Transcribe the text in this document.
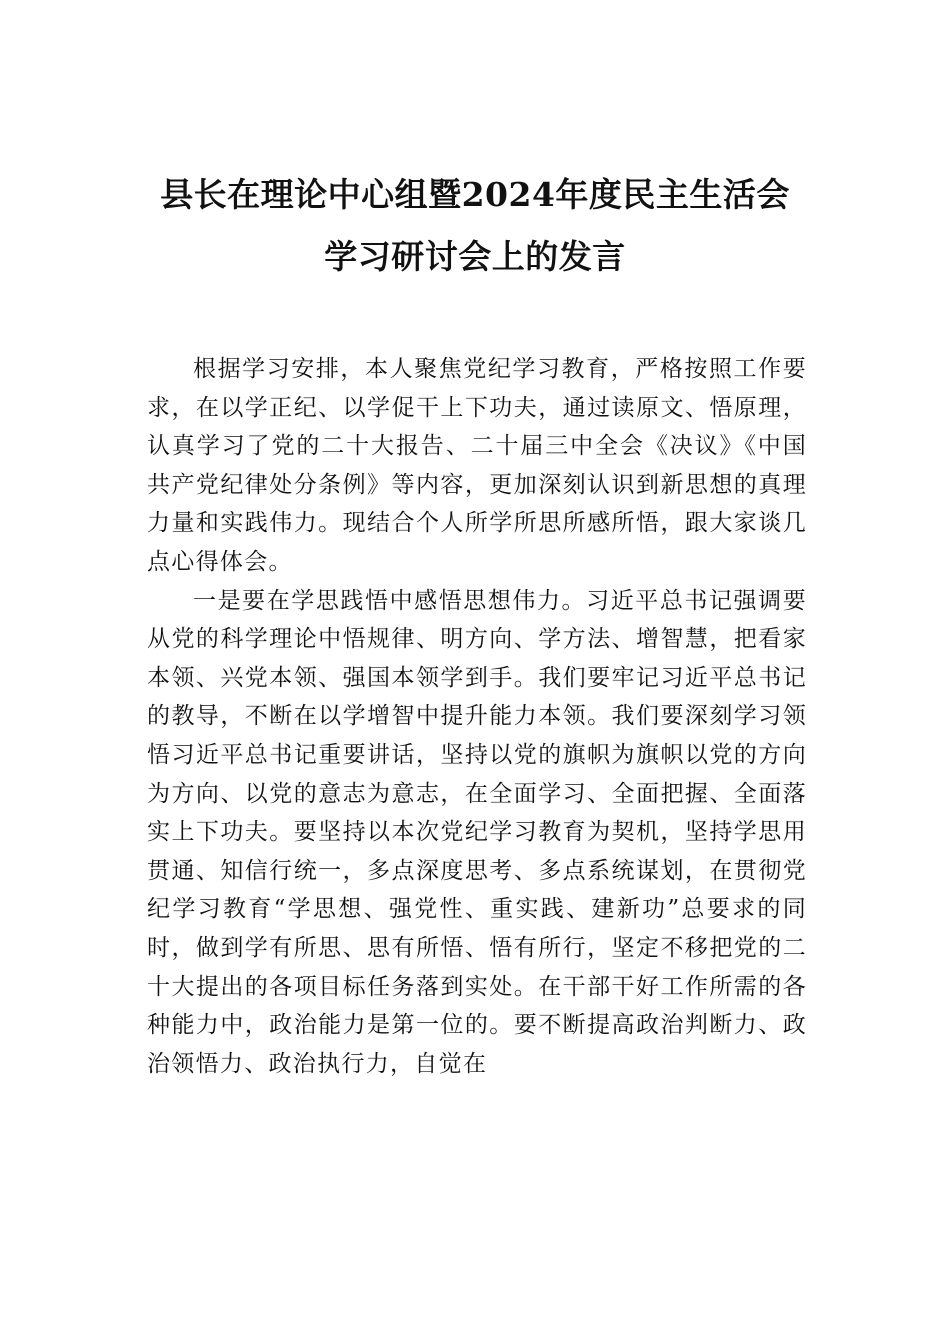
县长在理论中心组暨2024年度民主生活会
学习研讨会上的发言

根据学习安排，本人聚焦党纪学习教育，严格按照工作要求，在以学正纪、以学促干上下功夫，通过读原文、悟原理，认真学习了党的二十大报告、二十届三中全会《决议》《中国共产党纪律处分条例》等内容，更加深刻认识到新思想的真理力量和实践伟力。现结合个人所学所思所感所悟，跟大家谈几点心得体会。

一是要在学思践悟中感悟思想伟力。习近平总书记强调要从党的科学理论中悟规律、明方向、学方法、增智慧，把看家本领、兴党本领、强国本领学到手。我们要牢记习近平总书记的教导，不断在以学增智中提升能力本领。我们要深刻学习领悟习近平总书记重要讲话，坚持以党的旗帜为旗帜以党的方向为方向、以党的意志为意志，在全面学习、全面把握、全面落实上下功夫。要坚持以本次党纪学习教育为契机，坚持学思用贯通、知信行统一，多点深度思考、多点系统谋划，在贯彻党纪学习教育“学思想、强党性、重实践、建新功”总要求的同时，做到学有所思、思有所悟、悟有所行，坚定不移把党的二十大提出的各项目标任务落到实处。在干部干好工作所需的各种能力中，政治能力是第一位的。要不断提高政治判断力、政治领悟力、政治执行力，自觉在
